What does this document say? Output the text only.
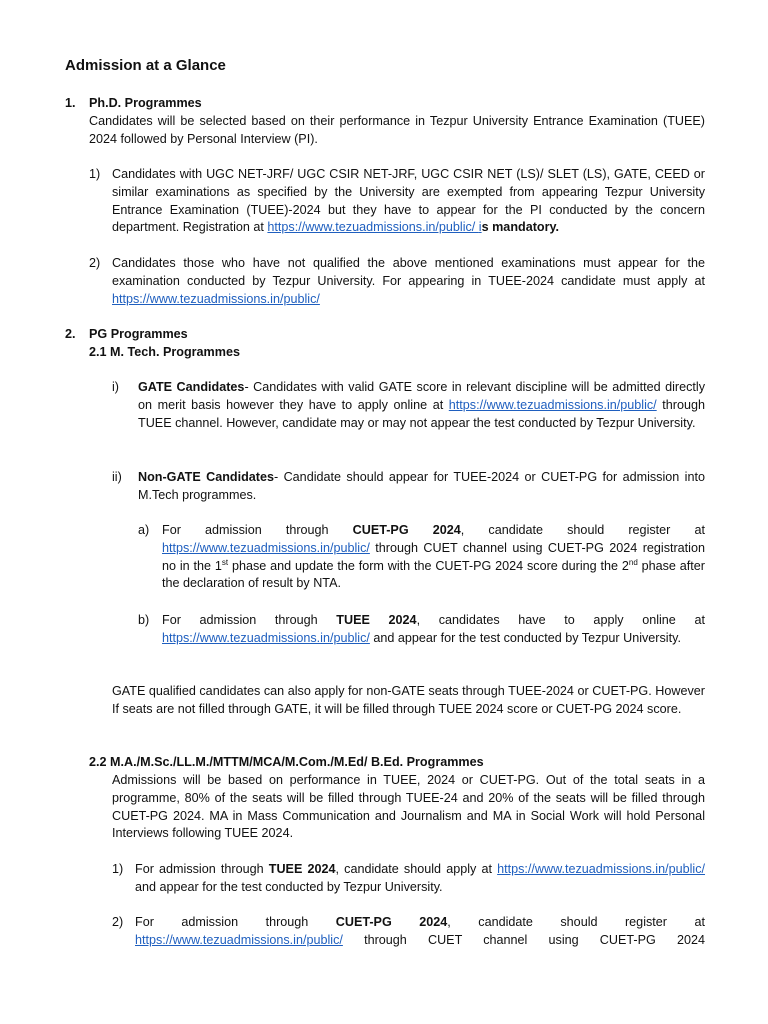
Admission at a Glance

1. Ph.D. Programmes

Candidates will be selected based on their performance in Tezpur University Entrance Examination (TUEE) 2024 followed by Personal Interview (PI).

1) Candidates with UGC NET-JRF/ UGC CSIR NET-JRF, UGC CSIR NET (LS)/ SLET (LS), GATE, CEED or similar examinations as specified by the University are exempted from appearing Tezpur University Entrance Examination (TUEE)-2024 but they have to appear for the PI conducted by the concern department. Registration at https://www.tezuadmissions.in/public/ is mandatory.

2) Candidates those who have not qualified the above mentioned examinations must appear for the examination conducted by Tezpur University. For appearing in TUEE-2024 candidate must apply at https://www.tezuadmissions.in/public/

2. PG Programmes

2.1 M. Tech. Programmes

i) GATE Candidates- Candidates with valid GATE score in relevant discipline will be admitted directly on merit basis however they have to apply online at https://www.tezuadmissions.in/public/ through TUEE channel. However, candidate may or may not appear the test conducted by Tezpur University.

ii) Non-GATE Candidates- Candidate should appear for TUEE-2024 or CUET-PG for admission into M.Tech programmes.

a) For admission through CUET-PG 2024, candidate should register at https://www.tezuadmissions.in/public/ through CUET channel using CUET-PG 2024 registration no in the 1st phase and update the form with the CUET-PG 2024 score during the 2nd phase after the declaration of result by NTA.

b) For admission through TUEE 2024, candidates have to apply online at https://www.tezuadmissions.in/public/ and appear for the test conducted by Tezpur University.

GATE qualified candidates can also apply for non-GATE seats through TUEE-2024 or CUET-PG. However If seats are not filled through GATE, it will be filled through TUEE 2024 score or CUET-PG 2024 score.

2.2 M.A./M.Sc./LL.M./MTTM/MCA/M.Com./M.Ed/ B.Ed. Programmes

Admissions will be based on performance in TUEE, 2024 or CUET-PG. Out of the total seats in a programme, 80% of the seats will be filled through TUEE-24 and 20% of the seats will be filled through CUET-PG 2024. MA in Mass Communication and Journalism and MA in Social Work will hold Personal Interviews following TUEE 2024.

1) For admission through TUEE 2024, candidate should apply at https://www.tezuadmissions.in/public/ and appear for the test conducted by Tezpur University.

2) For admission through CUET-PG 2024, candidate should register at https://www.tezuadmissions.in/public/ through CUET channel using CUET-PG 2024
